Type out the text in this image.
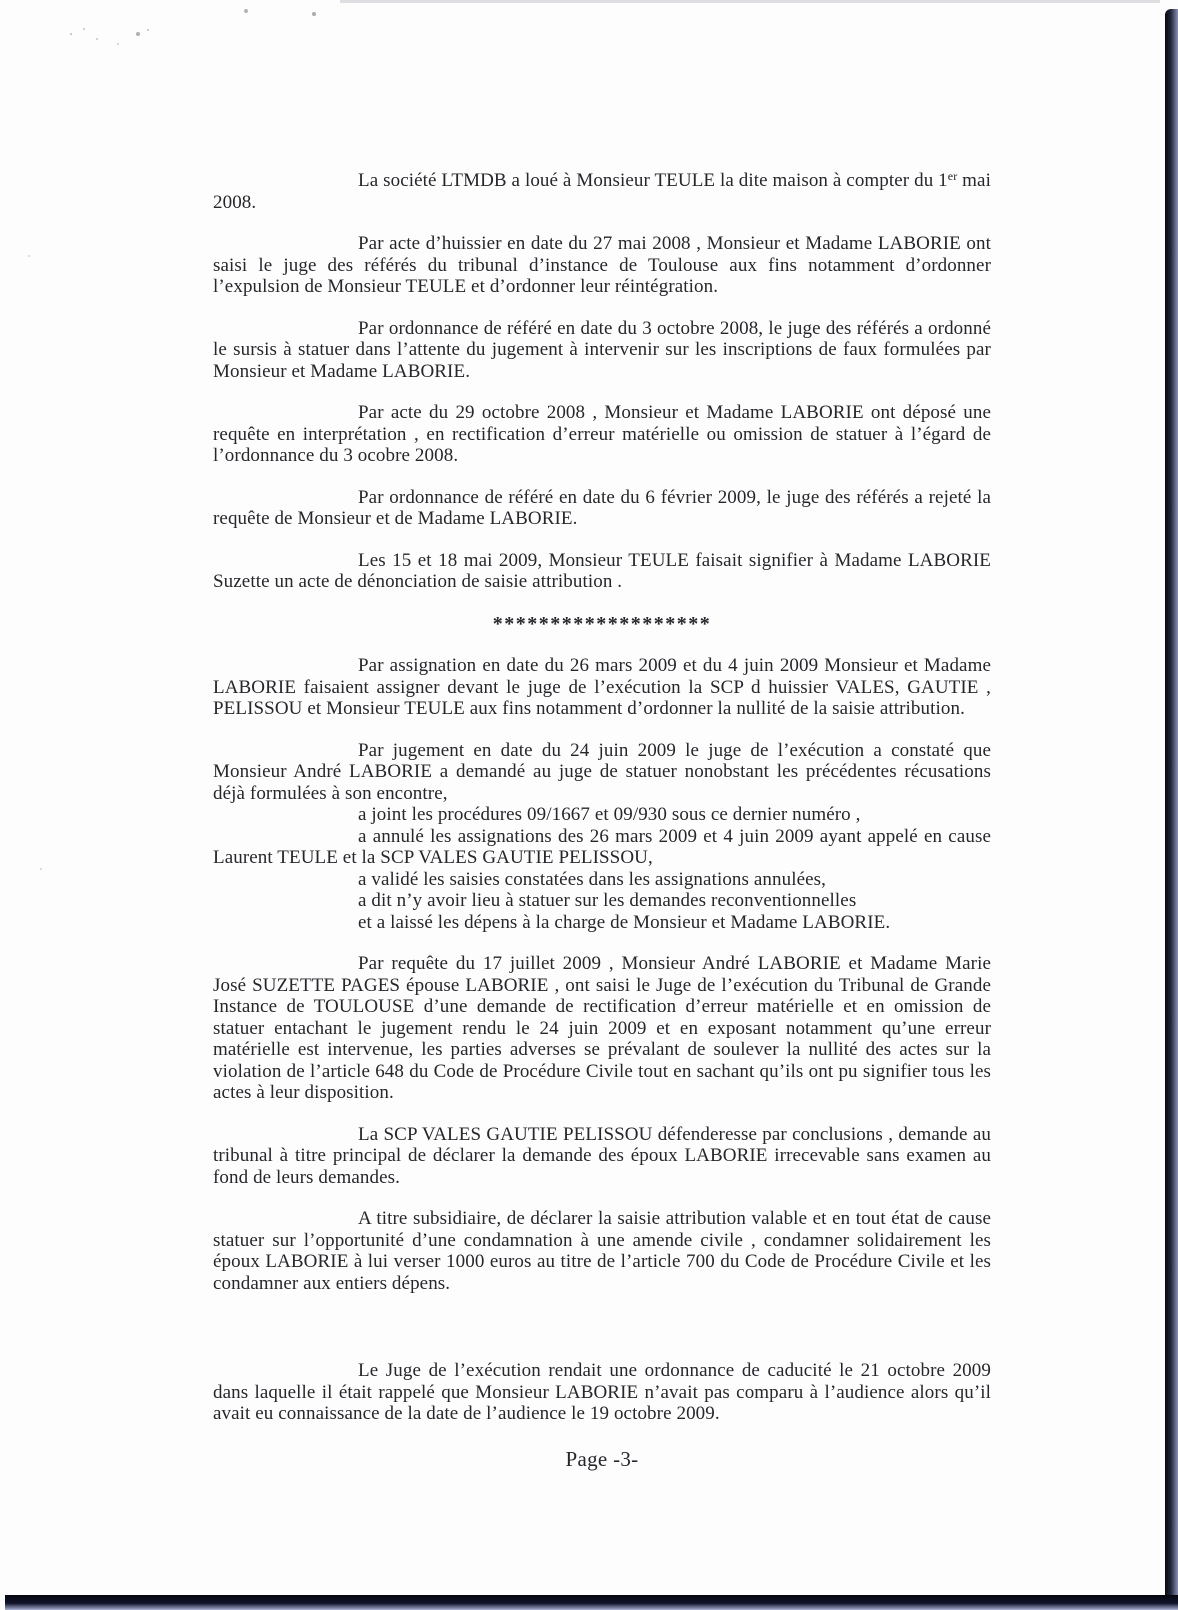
La société LTMDB a loué à Monsieur TEULE la dite maison à compter du 1er mai 2008.

Par acte d’huissier en date du 27 mai 2008 , Monsieur et Madame LABORIE ont saisi le juge des référés du tribunal d’instance de Toulouse aux fins notamment d’ordonner l’expulsion de Monsieur TEULE et d’ordonner leur réintégration.

Par ordonnance de référé en date du 3 octobre 2008, le juge des référés a ordonné le sursis à statuer dans l’attente du jugement à intervenir sur les inscriptions de faux formulées par Monsieur et Madame LABORIE.

Par acte du 29 octobre 2008 , Monsieur et Madame LABORIE ont déposé une requête en interprétation , en rectification d’erreur matérielle ou omission de statuer à l’égard de l’ordonnance du 3 ocobre 2008.

Par ordonnance de référé en date du 6 février 2009, le juge des référés a rejeté la requête de Monsieur et de Madame LABORIE.

Les 15 et 18 mai 2009, Monsieur TEULE faisait signifier à Madame LABORIE Suzette un acte de dénonciation de saisie attribution .

*******************

Par assignation en date du 26 mars 2009 et du 4 juin 2009 Monsieur et Madame LABORIE faisaient assigner devant le juge de l’exécution la SCP d huissier VALES, GAUTIE , PELISSOU et Monsieur TEULE aux fins notamment d’ordonner la nullité de la saisie attribution.

Par jugement en date du 24 juin 2009 le juge de l’exécution a constaté que Monsieur André LABORIE a demandé au juge de statuer nonobstant les précédentes récusations déjà formulées à son encontre,

a joint les procédures 09/1667 et 09/930 sous ce dernier numéro ,

a annulé les assignations des 26 mars 2009 et 4 juin 2009 ayant appelé en cause Laurent TEULE et la SCP VALES GAUTIE PELISSOU,

a validé les saisies constatées dans les assignations annulées,

a dit n’y avoir lieu à statuer sur les demandes reconventionnelles

et a laissé les dépens à la charge de Monsieur et Madame LABORIE.

Par requête du 17 juillet 2009 , Monsieur André LABORIE et Madame Marie José SUZETTE PAGES épouse LABORIE , ont saisi le Juge de l’exécution du Tribunal de Grande Instance de TOULOUSE d’une demande de rectification d’erreur matérielle et en omission de statuer entachant le jugement rendu le 24 juin 2009 et en exposant notamment qu’une erreur matérielle est intervenue, les parties adverses se prévalant de soulever la nullité des actes sur la violation de l’article 648 du Code de Procédure Civile tout en sachant qu’ils ont pu signifier tous les actes à leur disposition.

La SCP VALES GAUTIE PELISSOU défenderesse par conclusions , demande au tribunal à titre principal de déclarer la demande des époux LABORIE irrecevable sans examen au fond de leurs demandes.

A titre subsidiaire, de déclarer la saisie attribution valable et en tout état de cause statuer sur l’opportunité d’une condamnation à une amende civile , condamner solidairement les époux LABORIE à lui verser 1000 euros au titre de l’article 700 du Code de Procédure Civile et les condamner aux entiers dépens.

Le Juge de l’exécution rendait une ordonnance de caducité le 21 octobre 2009 dans laquelle il était rappelé que Monsieur LABORIE n’avait pas comparu à l’audience alors qu’il avait eu connaissance de la date de l’audience le 19 octobre 2009.

Page -3-
